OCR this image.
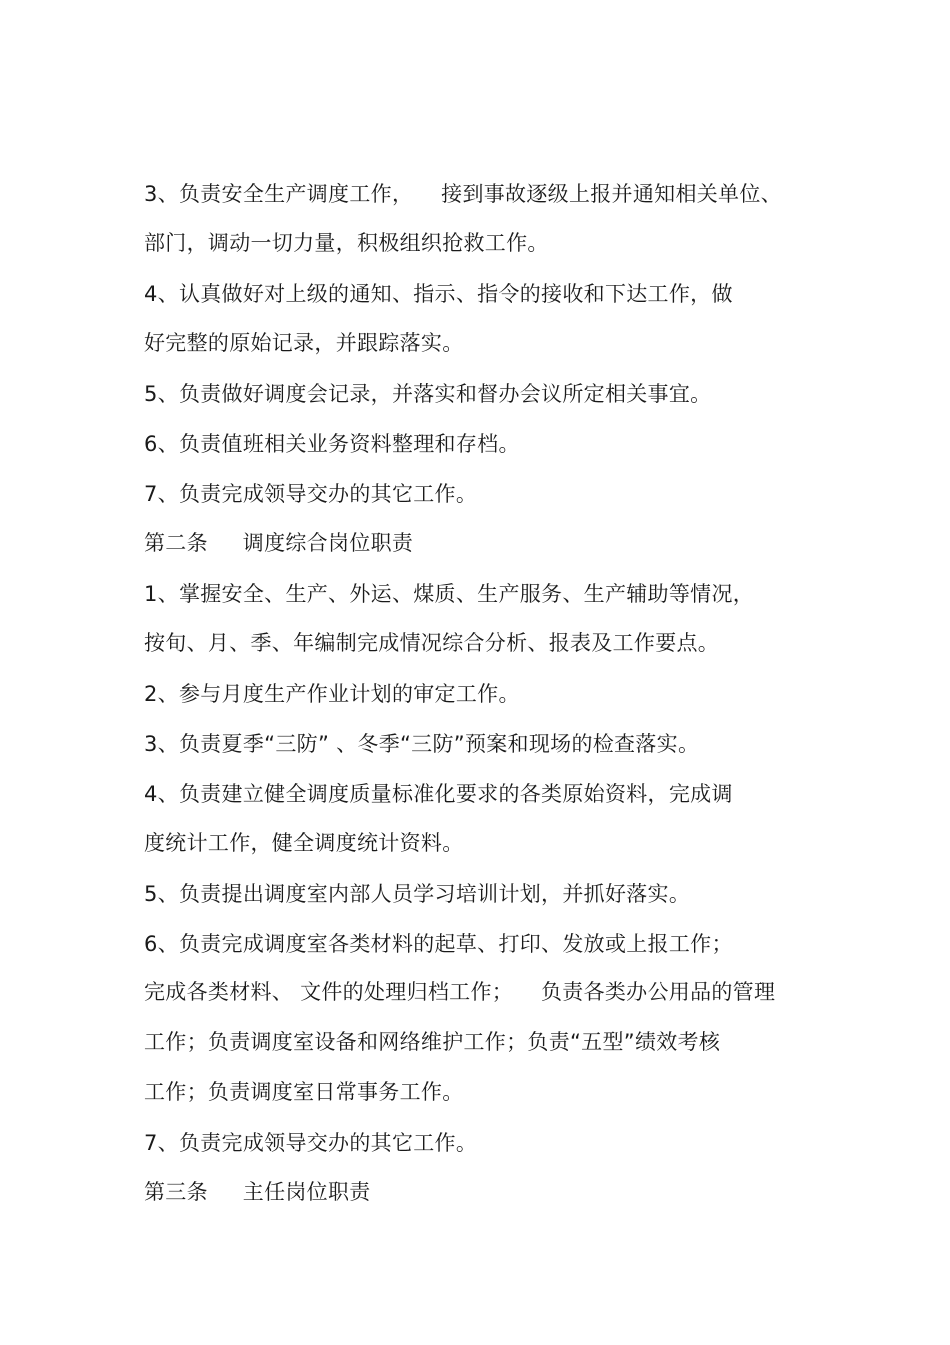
3、负责安全生产调度工作，    接到事故逐级上报并通知相关单位、
部门，调动一切力量，积极组织抢救工作。
4、认真做好对上级的通知、指示、指令的接收和下达工作，做
好完整的原始记录，并跟踪落实。
5、负责做好调度会记录，并落实和督办会议所定相关事宜。
6、负责值班相关业务资料整理和存档。
7、负责完成领导交办的其它工作。
第二条     调度综合岗位职责
1、掌握安全、生产、外运、煤质、生产服务、生产辅助等情况，
按旬、月、季、年编制完成情况综合分析、报表及工作要点。
2、参与月度生产作业计划的审定工作。
3、负责夏季“三防” 、冬季“三防”预案和现场的检查落实。
4、负责建立健全调度质量标准化要求的各类原始资料，完成调
度统计工作，健全调度统计资料。
5、负责提出调度室内部人员学习培训计划，并抓好落实。
6、负责完成调度室各类材料的起草、打印、发放或上报工作；
完成各类材料、 文件的处理归档工作；    负责各类办公用品的管理
工作；负责调度室设备和网络维护工作；负责“五型”绩效考核
工作；负责调度室日常事务工作。
7、负责完成领导交办的其它工作。
第三条     主任岗位职责
